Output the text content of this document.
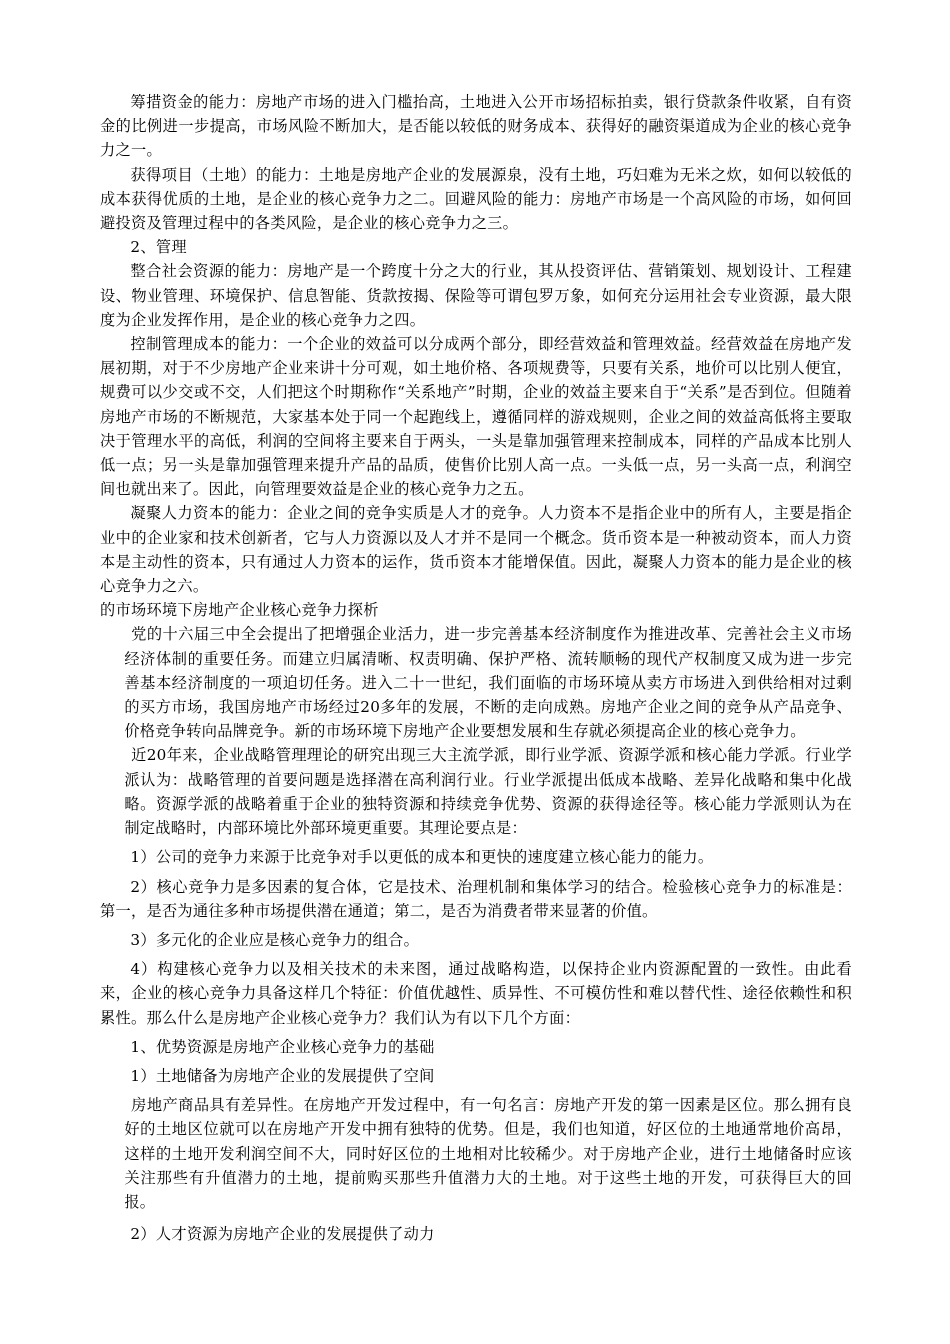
筹措资金的能力：房地产市场的进入门槛抬高，土地进入公开市场招标拍卖，银行贷款条件收紧，自有资金的比例进一步提高，市场风险不断加大，是否能以较低的财务成本、获得好的融资渠道成为企业的核心竞争力之一。

获得项目（土地）的能力：土地是房地产企业的发展源泉，没有土地，巧妇难为无米之炊，如何以较低的成本获得优质的土地，是企业的核心竞争力之二。回避风险的能力：房地产市场是一个高风险的市场，如何回避投资及管理过程中的各类风险，是企业的核心竞争力之三。

2、管理

整合社会资源的能力：房地产是一个跨度十分之大的行业，其从投资评估、营销策划、规划设计、工程建设、物业管理、环境保护、信息智能、货款按揭、保险等可谓包罗万象，如何充分运用社会专业资源，最大限度为企业发挥作用，是企业的核心竞争力之四。

控制管理成本的能力：一个企业的效益可以分成两个部分，即经营效益和管理效益。经营效益在房地产发展初期，对于不少房地产企业来讲十分可观，如土地价格、各项规费等，只要有关系，地价可以比别人便宜，规费可以少交或不交，人们把这个时期称作“关系地产”时期，企业的效益主要来自于“关系”是否到位。但随着房地产市场的不断规范，大家基本处于同一个起跑线上，遵循同样的游戏规则，企业之间的效益高低将主要取决于管理水平的高低，利润的空间将主要来自于两头，一头是靠加强管理来控制成本，同样的产品成本比别人低一点；另一头是靠加强管理来提升产品的品质，使售价比别人高一点。一头低一点，另一头高一点，利润空间也就出来了。因此，向管理要效益是企业的核心竞争力之五。

凝聚人力资本的能力：企业之间的竞争实质是人才的竞争。人力资本不是指企业中的所有人，主要是指企业中的企业家和技术创新者，它与人力资源以及人才并不是同一个概念。货币资本是一种被动资本，而人力资本是主动性的资本，只有通过人力资本的运作，货币资本才能增保值。因此，凝聚人力资本的能力是企业的核心竞争力之六。

的市场环境下房地产企业核心竞争力探析

党的十六届三中全会提出了把增强企业活力，进一步完善基本经济制度作为推进改革、完善社会主义市场经济体制的重要任务。而建立归属清晰、权责明确、保护严格、流转顺畅的现代产权制度又成为进一步完善基本经济制度的一项迫切任务。进入二十一世纪，我们面临的市场环境从卖方市场进入到供给相对过剩的买方市场，我国房地产市场经过20多年的发展，不断的走向成熟。房地产企业之间的竞争从产品竞争、价格竞争转向品牌竞争。新的市场环境下房地产企业要想发展和生存就必须提高企业的核心竞争力。

近20年来，企业战略管理理论的研究出现三大主流学派，即行业学派、资源学派和核心能力学派。行业学派认为：战略管理的首要问题是选择潜在高利润行业。行业学派提出低成本战略、差异化战略和集中化战略。资源学派的战略着重于企业的独特资源和持续竞争优势、资源的获得途径等。核心能力学派则认为在制定战略时，内部环境比外部环境更重要。其理论要点是：

1）公司的竞争力来源于比竞争对手以更低的成本和更快的速度建立核心能力的能力。

2）核心竞争力是多因素的复合体，它是技术、治理机制和集体学习的结合。检验核心竞争力的标准是：第一，是否为通往多种市场提供潜在通道；第二，是否为消费者带来显著的价值。

3）多元化的企业应是核心竞争力的组合。

4）构建核心竞争力以及相关技术的未来图，通过战略构造，以保持企业内资源配置的一致性。由此看来，企业的核心竞争力具备这样几个特征：价值优越性、质异性、不可模仿性和难以替代性、途径依赖性和积累性。那么什么是房地产企业核心竞争力？我们认为有以下几个方面：

1、优势资源是房地产企业核心竞争力的基础

1）土地储备为房地产企业的发展提供了空间

房地产商品具有差异性。在房地产开发过程中，有一句名言：房地产开发的第一因素是区位。那么拥有良好的土地区位就可以在房地产开发中拥有独特的优势。但是，我们也知道，好区位的土地通常地价高昂，这样的土地开发利润空间不大，同时好区位的土地相对比较稀少。对于房地产企业，进行土地储备时应该关注那些有升值潜力的土地，提前购买那些升值潜力大的土地。对于这些土地的开发，可获得巨大的回报。

2）人才资源为房地产企业的发展提供了动力
